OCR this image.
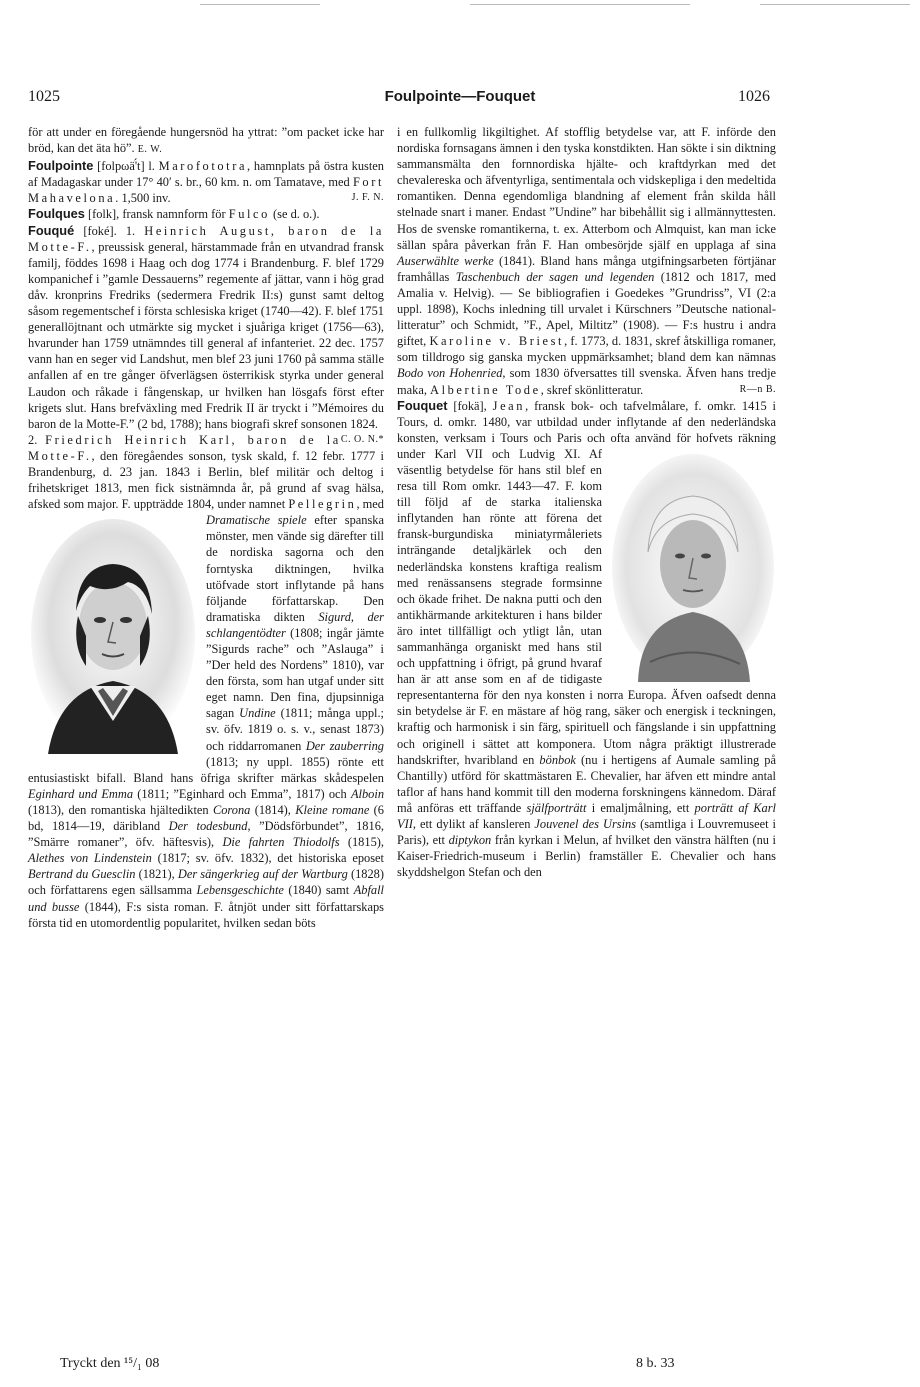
1025	Foulpointe—Fouquet	1026

för att under en föregående hungersnöd ha yttrat: ”om packet icke har bröd, kan det äta hö”. E. W.

Foulpointe [folpωä'́t] l. Marofototra, hamnplats på östra kusten af Madagaskar under 17° 40′ s. br., 60 km. n. om Tamatave, med Fort Mahavelona. 1,500 inv.	J. F. N.

Foulques [folk], fransk namnform för Fulco (se d. o.).

Fouqué [foké]. 1. Heinrich August, baron de la Motte-F., preussisk general, härstammade från en utvandrad fransk familj, föddes 1698 i Haag och dog 1774 i Brandenburg. F. blef 1729 kompanichef i ”gamle Dessauerns” regemente af jättar, vann i hög grad dåv. kronprins Fredriks (sedermera Fredrik II:s) gunst samt deltog såsom regementschef i första schlesiska kriget (1740—42). F. blef 1751 generallöjtnant och utmärkte sig mycket i sjuåriga kriget (1756—63), hvarunder han 1759 utnämndes till general af infanteriet. 22 dec. 1757 vann han en seger vid Landshut, men blef 23 juni 1760 på samma ställe anfallen af en tre gånger öfverlägsen österrikisk styrka under general Laudon och råkade i fångenskap, ur hvilken han lösgafs först efter krigets slut. Hans brefväxling med Fredrik II är tryckt i ”Mémoires du baron de la Motte-F.” (2 bd, 1788); hans biografi skref sonsonen 1824.
C. O. N.*

2. Friedrich Heinrich Karl, baron de la Motte-F., den föregåendes sonson, tysk skald, f. 12 febr. 1777 i Brandenburg, d. 23 jan. 1843 i Berlin, blef militär och deltog i frihetskriget 1813, men fick sistnämnda år, på grund af svag hälsa, afsked som major. F. uppträdde 1804, under namnet
Pellegrin, med Dramatische spiele efter spanska mönster, men vände sig därefter till de nordiska sagorna och den forntyska diktningen, hvilka utöfvade stort inflytande på hans följande författarskap. Den dramatiska dikten Sigurd, der schlangentödter (1808; ingår jämte ”Sigurds rache” och ”Aslauga” i ”Der held des Nordens” 1810), var den första, som han utgaf under sitt eget namn. Den fina, djupsinniga sagan Undine (1811; många uppl.; sv. öfv. 1819 o. s. v., senast 1873) och riddarromanen Der zauberring (1813; ny uppl. 1855) rönte ett entusiastiskt bifall. Bland hans öfriga skrifter märkas skådespelen Eginhard und Emma (1811; ”Eginhard och Emma”, 1817) och Alboin (1813), den romantiska hjältedikten Corona (1814), Kleine romane (6 bd, 1814—19, däribland Der todesbund, ”Dödsförbundet”, 1816, ”Smärre romaner”, öfv. häftesvis), Die fahrten Thiodolfs (1815), Alethes von Lindenstein (1817; sv. öfv. 1832), det historiska eposet Bertrand du Guesclin (1821), Der sängerkrieg auf der Wartburg (1828) och författarens egen sällsamma Lebensgeschichte (1840) samt Abfall und busse (1844), F:s sista roman. F. åtnjöt under sitt författarskaps första tid en utomordentlig popularitet, hvilken sedan böts

i en fullkomlig likgiltighet. Af stofflig betydelse var, att F. införde den nordiska fornsagans ämnen i den tyska konstdikten. Han sökte i sin diktning sammansmälta den fornnordiska hjälte- och kraftdyrkan med det chevalereska och äfventyrliga, sentimentala och vidskepliga i den medeltida romantiken. Denna egendomliga blandning af element från skilda håll stelnade snart i maner. Endast ”Undine” har bibehållit sig i allmännyttesten. Hos de svenske romantikerna, t. ex. Atterbom och Almquist, kan man icke sällan spåra påverkan från F. Han ombesörjde själf en upplaga af sina Auserwählte werke (1841). Bland hans många utgifningsarbeten förtjänar framhållas Taschenbuch der sagen und legenden (1812 och 1817, med Amalia v. Helvig). — Se bibliografien i Goedekes ”Grundriss”, VI (2:a uppl. 1898), Kochs inledning till urvalet i Kürschners ”Deutsche national-litteratur” och Schmidt, ”F., Apel, Miltitz” (1908). — F:s hustru i andra giftet, Karoline v. Briest, f. 1773, d. 1831, skref åtskilliga romaner, som tilldrogo sig ganska mycken uppmärksamhet; bland dem kan nämnas Bodo von Hohenried, som 1830 öfversattes till svenska. Äfven hans tredje maka, Albertine Tode, skref skönlitteratur.	R—n B.

Fouquet [fokä], Jean, fransk bok- och tafvelmålare, f. omkr. 1415 i Tours, d. omkr. 1480, var utbildad under inflytande af den nederländska konsten, verksam i Tours och Paris och ofta använd
för hofvets räkning under Karl VII och Ludvig XI. Af väsentlig betydelse för hans stil blef en resa till Rom omkr. 1443—47. F. kom till följd af de starka italienska inflytanden han rönte att förena det fransk-burgundiska miniatyrmåleriets inträngande detaljkärlek och den nederländska konstens kraftiga realism med renässansens stegrade formsinne och ökade frihet. De nakna putti och den antikhärmande arkitekturen i hans bilder äro intet tillfälligt och ytligt lån, utan sammanhänga organiskt med hans stil och uppfattning i öfrigt, på grund hvaraf han är att anse som en af de tidigaste representanterna för den nya konsten i norra Europa. Äfven oafsedt denna sin betydelse är F. en mästare af hög rang, säker och energisk i teckningen, kraftig och harmonisk i sin färg, spirituell och fängslande i sin uppfattning och originell i sättet att komponera. Utom några präktigt illustrerade handskrifter, hvaribland en bönbok (nu i hertigens af Aumale samling på Chantilly) utförd för skattmästaren E. Chevalier, har äfven ett mindre antal taflor af hans hand kommit till den moderna forskningens kännedom. Däraf må anföras ett träffande själfporträtt i emaljmålning, ett porträtt af Karl VII, ett dylikt af kansleren Jouvenel des Ursins (samtliga i Louvremuseet i Paris), ett diptykon från kyrkan i Melun, af hvilket den vänstra hälften (nu i Kaiser-Friedrich-museum i Berlin) framställer E. Chevalier och hans skyddshelgon Stefan och den

Tryckt den ¹⁵/₁ 08	8 b. 33
